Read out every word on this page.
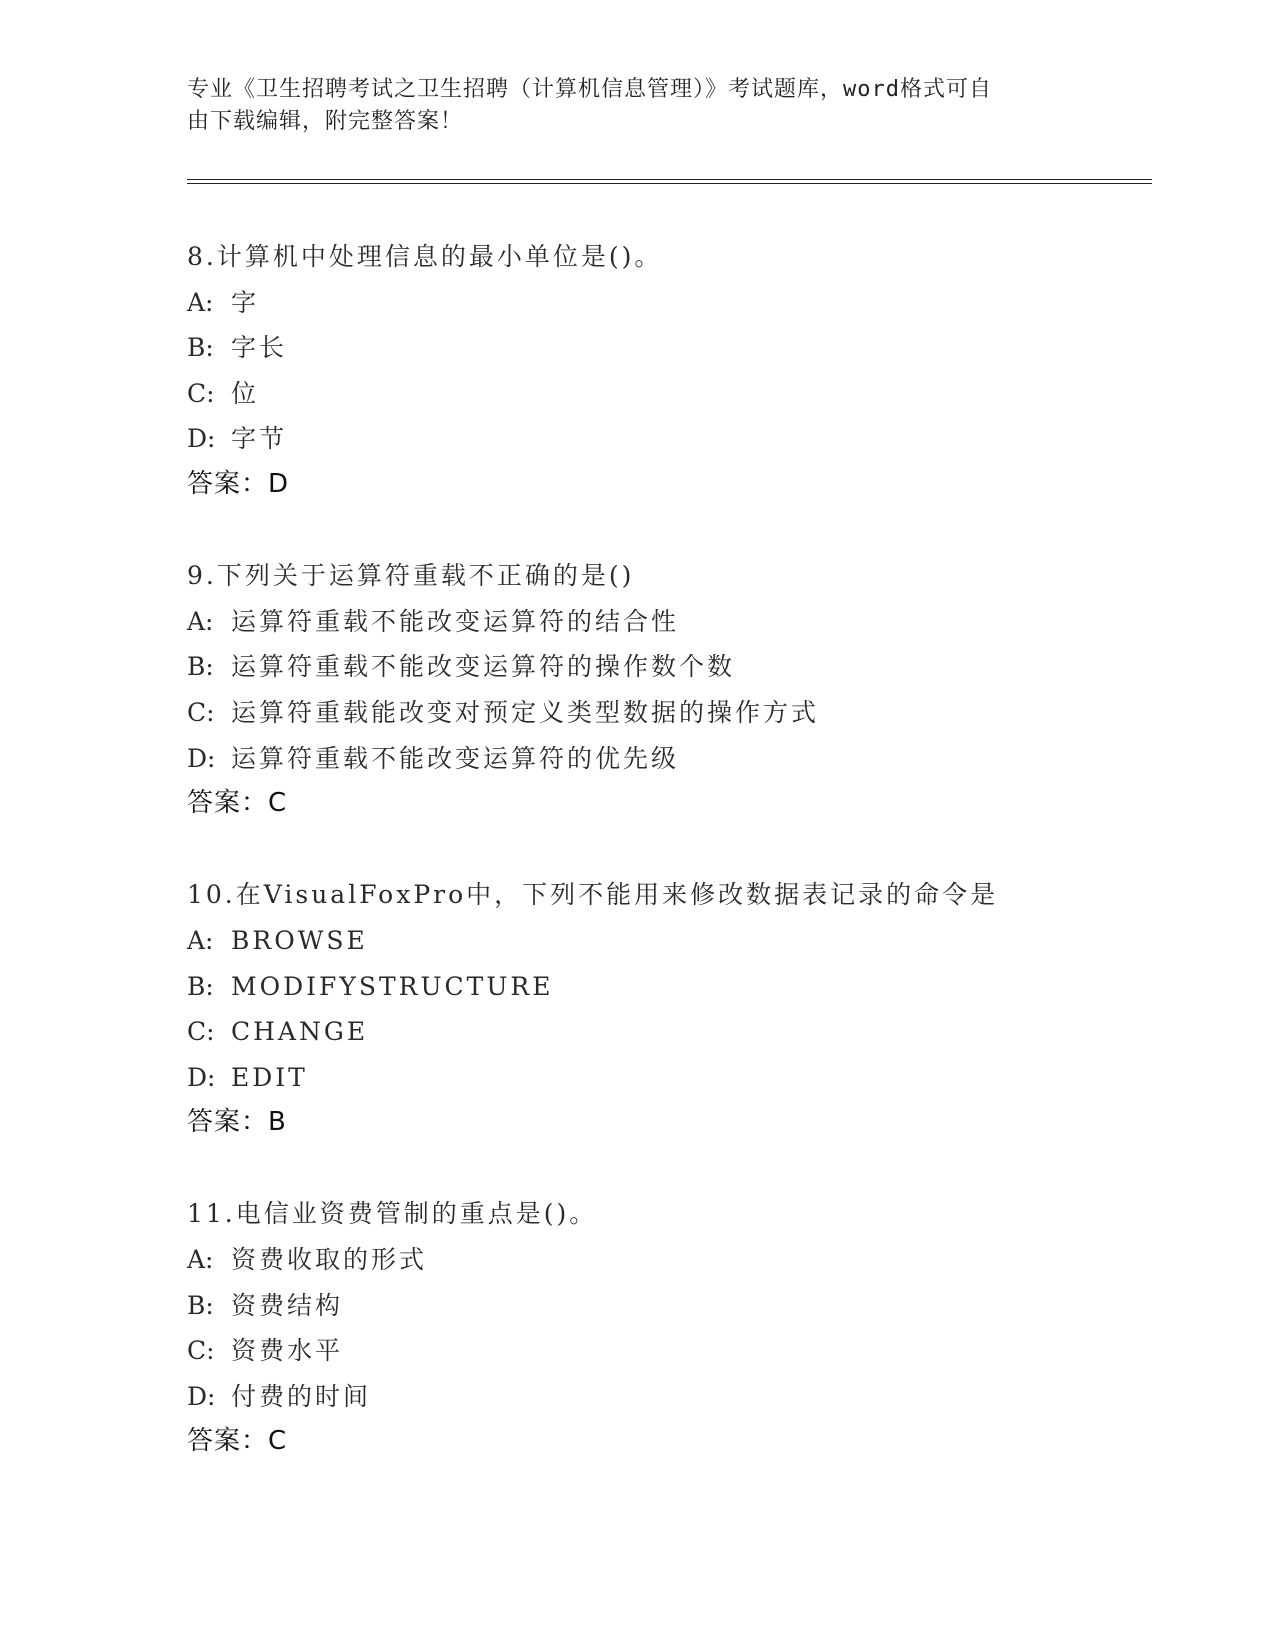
专业《卫生招聘考试之卫生招聘（计算机信息管理）》考试题库，word格式可自
由下载编辑，附完整答案！
8.计算机中处理信息的最小单位是()。
A: 字
B: 字长
C: 位
D: 字节
答案：D
9.下列关于运算符重载不正确的是()
A: 运算符重载不能改变运算符的结合性
B: 运算符重载不能改变运算符的操作数个数
C: 运算符重载能改变对预定义类型数据的操作方式
D: 运算符重载不能改变运算符的优先级
答案：C
10.在VisualFoxPro中，下列不能用来修改数据表记录的命令是
A: BROWSE
B: MODIFYSTRUCTURE
C: CHANGE
D: EDIT
答案：B
11.电信业资费管制的重点是()。
A: 资费收取的形式
B: 资费结构
C: 资费水平
D: 付费的时间
答案：C
